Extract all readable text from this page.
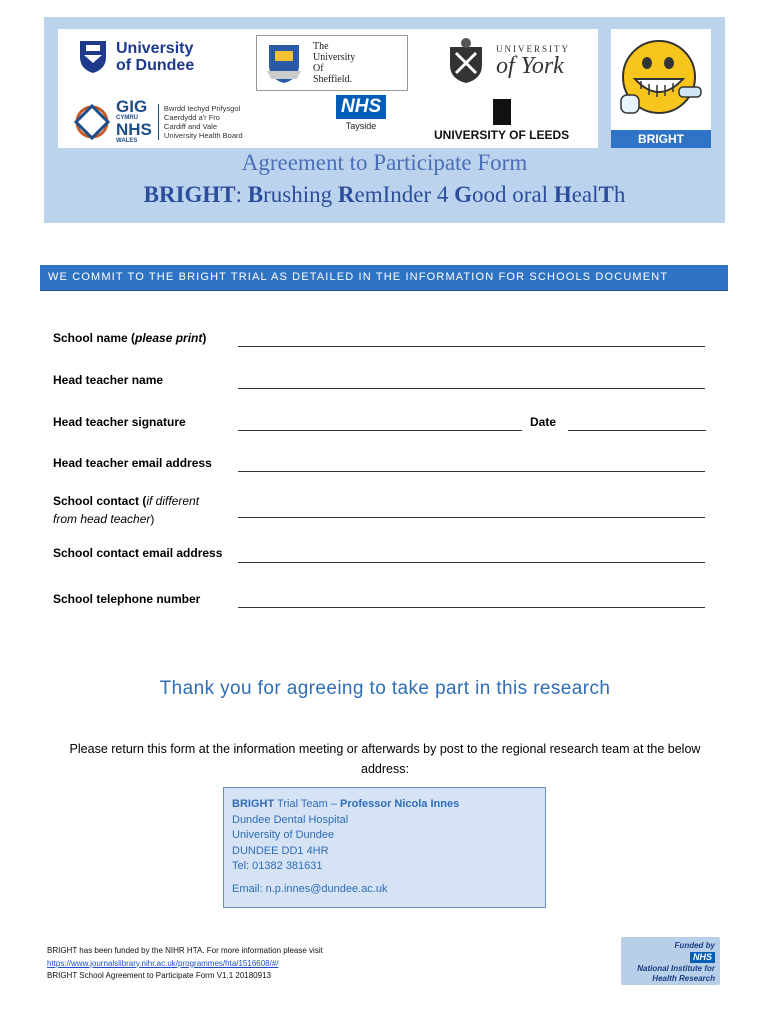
University
of Dundee
The
University
Of
Sheffield.
UNIVERSITY
of York
GIG
CYMRU
NHS
WALES
Bwrdd Iechyd Prifysgol
Caerdydd a'r Fro
Cardiff and Vale
University Health Board
NHS
Tayside
UNIVERSITY OF LEEDS	BRIGHT
Agreement to Participate Form
BRIGHT: Brushing RemInder 4 Good oral HealTh
WE COMMIT TO THE BRIGHT TRIAL AS DETAILED IN THE INFORMATION FOR SCHOOLS DOCUMENT
School name (please print)
Head teacher name
Head teacher signature	Date
Head teacher email address
School contact (if different from head teacher)
School contact email address
School telephone number
Thank you for agreeing to take part in this research
Please return this form at the information meeting or afterwards by post to the regional research team at the below address:
BRIGHT Trial Team – Professor Nicola Innes
Dundee Dental Hospital
University of Dundee
DUNDEE DD1 4HR
Tel: 01382 381631
Email: n.p.innes@dundee.ac.uk
BRIGHT has been funded by the NIHR HTA. For more information please visit
https://www.journalslibrary.nihr.ac.uk/programmes/hta/1516608/#/
BRIGHT School Agreement to Participate Form V1.1 20180913
Funded by
NHS
National Institute for
Health Research
